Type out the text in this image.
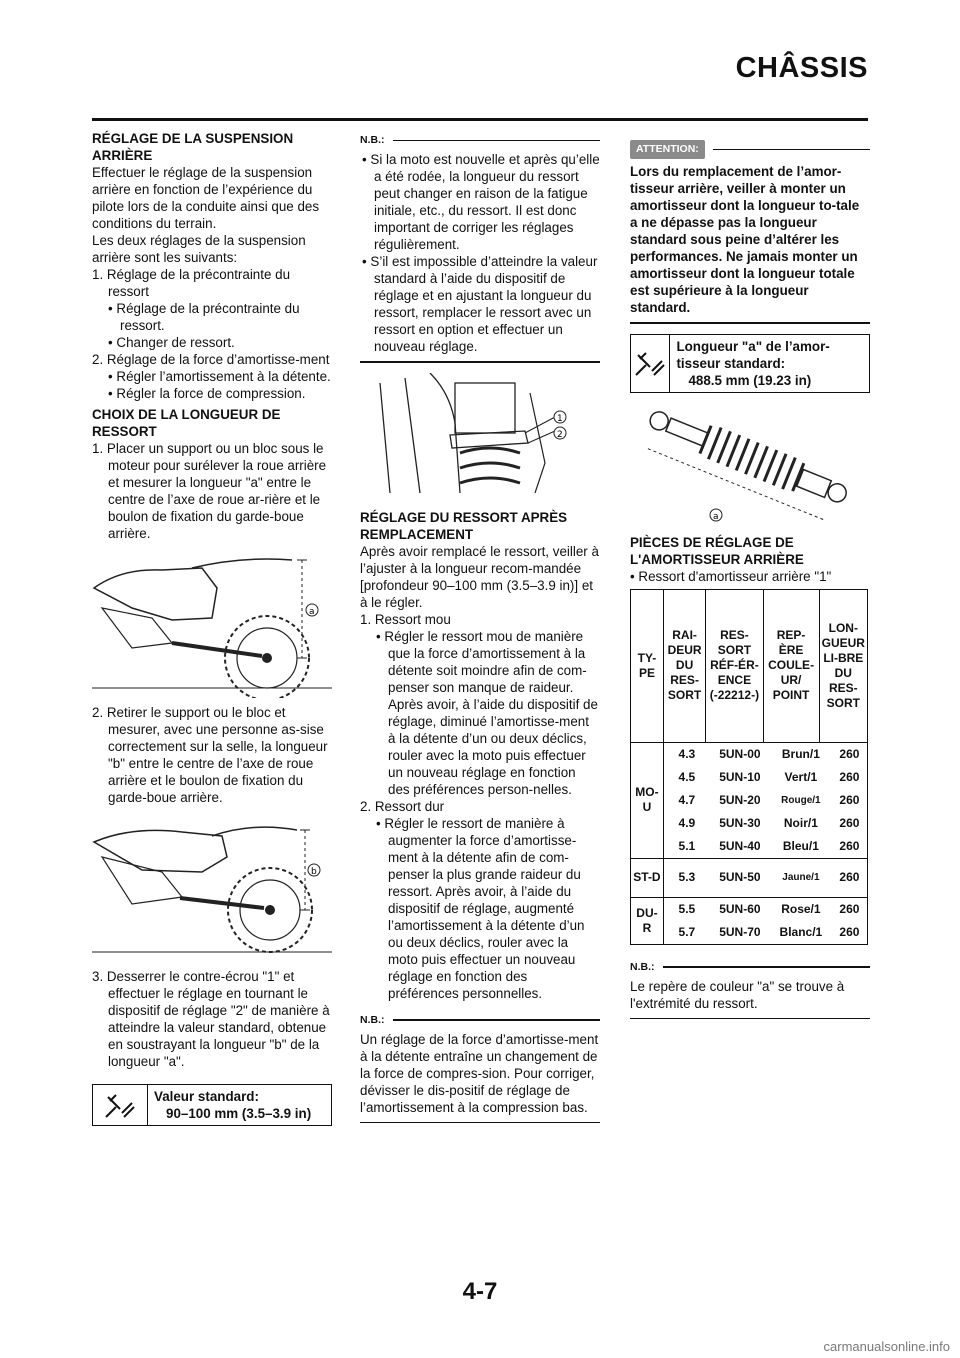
CHÂSSIS

RÉGLAGE DE LA SUSPENSION ARRIÈRE

Effectuer le réglage de la suspension arrière en fonction de l’expérience du pilote lors de la conduite ainsi que des conditions du terrain.

Les deux réglages de la suspension arrière sont les suivants:

1. Réglage de la précontrainte du ressort

• Réglage de la précontrainte du ressort.

• Changer de ressort.

2. Réglage de la force d’amortisse-ment

• Régler l’amortissement à la détente.

• Régler la force de compression.

CHOIX DE LA LONGUEUR DE RESSORT

1. Placer un support ou un bloc sous le moteur pour surélever la roue arrière et mesurer la longueur "a" entre le centre de l’axe de roue ar-rière et le boulon de fixation du garde-boue arrière.

a

2. Retirer le support ou le bloc et mesurer, avec une personne as-sise correctement sur la selle, la longueur "b" entre le centre de l’axe de roue arrière et le boulon de fixation du garde-boue arrière.

b

3. Desserrer le contre-écrou "1" et effectuer le réglage en tournant le dispositif de réglage "2" de manière à atteindre la valeur standard, obtenue en soustrayant la longueur "b" de la longueur "a".

Valeur standard:
90–100 mm (3.5–3.9 in)
N.B.:

• Si la moto est nouvelle et après qu’elle a été rodée, la longueur du ressort peut changer en raison de la fatigue initiale, etc., du ressort. Il est donc important de corriger les réglages régulièrement.

• S’il est impossible d’atteindre la valeur standard à l’aide du dispositif de réglage et en ajustant la longueur du ressort, remplacer le ressort avec un ressort en option et effectuer un nouveau réglage.

1
2

RÉGLAGE DU RESSORT APRÈS REMPLACEMENT

Après avoir remplacé le ressort, veiller à l’ajuster à la longueur recom-mandée [profondeur 90–100 mm (3.5–3.9 in)] et à le régler.

1. Ressort mou

• Régler le ressort mou de manière que la force d’amortissement à la détente soit moindre afin de com-penser son manque de raideur. Après avoir, à l’aide du dispositif de réglage, diminué l’amortisse-ment à la détente d’un ou deux déclics, rouler avec la moto puis effectuer un nouveau réglage en fonction des préférences person-nelles.

2. Ressort dur

• Régler le ressort de manière à augmenter la force d’amortisse-ment à la détente afin de com-penser la plus grande raideur du ressort. Après avoir, à l’aide du dispositif de réglage, augmenté l’amortissement à la détente d’un ou deux déclics, rouler avec la moto puis effectuer un nouveau réglage en fonction des préférences personnelles.

N.B.:

Un réglage de la force d’amortisse-ment à la détente entraîne un changement de la force de compres-sion. Pour corriger, dévisser le dis-positif de réglage de l’amortissement à la compression bas.

ATTENTION:

Lors du remplacement de l’amor-tisseur arrière, veiller à monter un amortisseur dont la longueur to-tale a ne dépasse pas la longueur standard sous peine d’altérer les performances. Ne jamais monter un amortisseur dont la longueur totale est supérieure à la longueur standard.

Longueur "a" de l’amor-tisseur standard:
488.5 mm (19.23 in)
a

PIÈCES DE RÉGLAGE DE L'AMORTISSEUR ARRIÈRE

• Ressort d'amortisseur arrière "1"

TY-PE	RAI-DEUR DU RES-SORT	RES-SORT RÉF-ÉR-ENCE (-22212-)	REP-ÈRE COULE-UR/ POINT	LON-GUEUR LI-BRE DU RES-SORT
MO-U	
4.3	5UN-00	Brun/1	260
4.5	5UN-10	Vert/1	260
4.7	5UN-20	Rouge/1	260
4.9	5UN-30	Noir/1	260
5.1	5UN-40	Bleu/1	260

ST-D	5.3	5UN-50	Jaune/1	260

DU-R	
5.5	5UN-60	Rose/1	260
5.7	5UN-70	Blanc/1	260
N.B.:

Le repère de couleur "a" se trouve à l'extrémité du ressort.

4-7
carmanualsonline.info
